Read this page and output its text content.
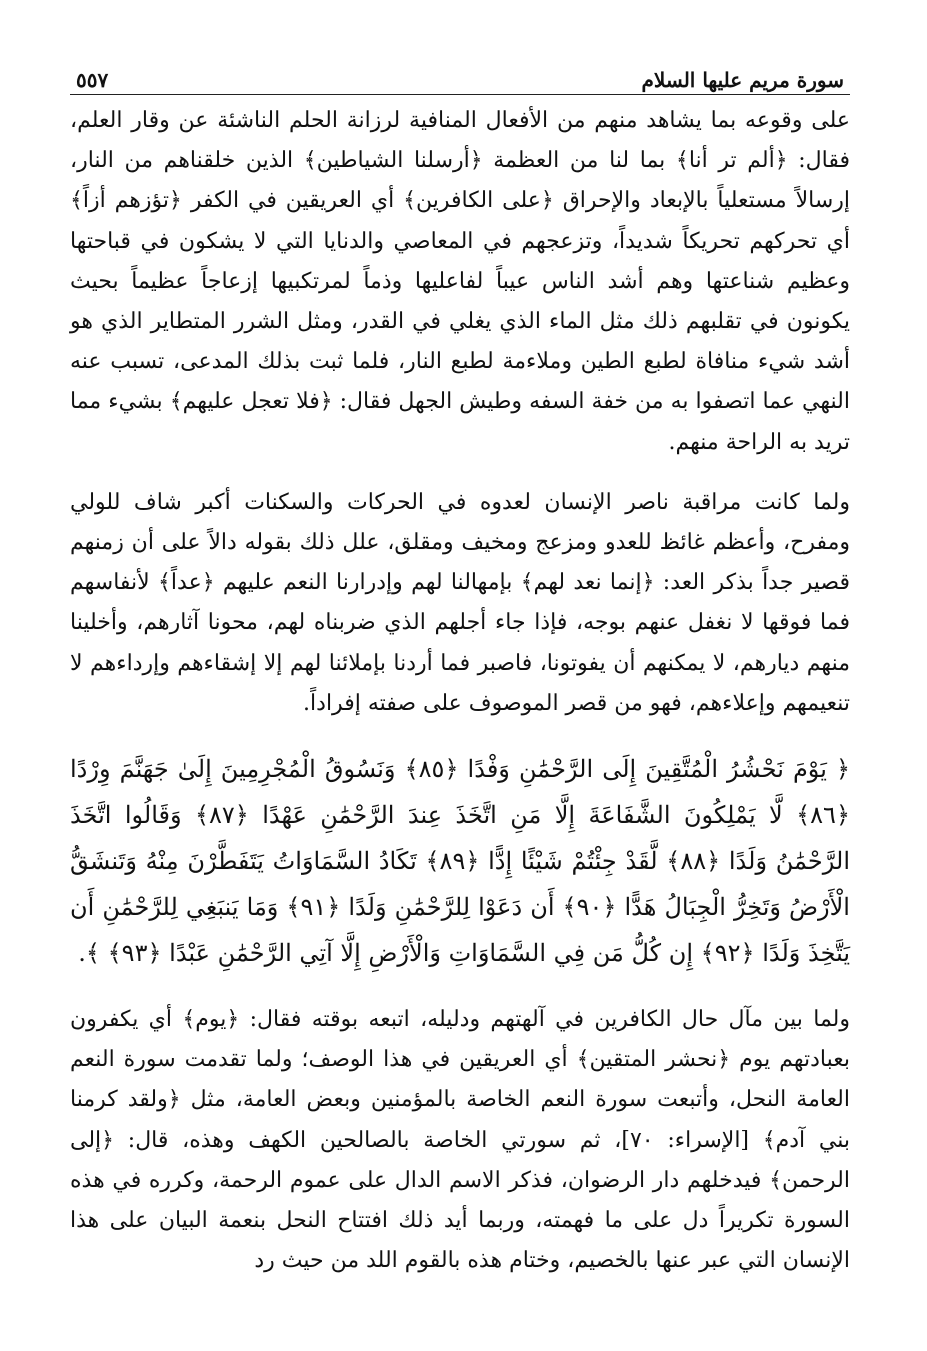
سورة مريم عليها السلام
٥٥٧

على وقوعه بما يشاهد منهم من الأفعال المنافية لرزانة الحلم الناشئة عن وقار العلم، فقال: ﴿ألم تر أنا﴾ بما لنا من العظمة ﴿أرسلنا الشياطين﴾ الذين خلقناهم من النار، إرسالاً مستعلياً بالإبعاد والإحراق ﴿على الكافرين﴾ أي العريقين في الكفر ﴿تؤزهم أزاً﴾ أي تحركهم تحريكاً شديداً، وتزعجهم في المعاصي والدنايا التي لا يشكون في قباحتها وعظيم شناعتها وهم أشد الناس عيباً لفاعليها وذماً لمرتكبيها إزعاجاً عظيماً بحيث يكونون في تقلبهم ذلك مثل الماء الذي يغلي في القدر، ومثل الشرر المتطاير الذي هو أشد شيء منافاة لطبع الطين وملاءمة لطبع النار، فلما ثبت بذلك المدعى، تسبب عنه النهي عما اتصفوا به من خفة السفه وطيش الجهل فقال: ﴿فلا تعجل عليهم﴾ بشيء مما تريد به الراحة منهم.

ولما كانت مراقبة ناصر الإنسان لعدوه في الحركات والسكنات أكبر شاف للولي ومفرح، وأعظم غائظ للعدو ومزعج ومخيف ومقلق، علل ذلك بقوله دالاً على أن زمنهم قصير جداً بذكر العد: ﴿إنما نعد لهم﴾ بإمهالنا لهم وإدرارنا النعم عليهم ﴿عداً﴾ لأنفاسهم فما فوقها لا نغفل عنهم بوجه، فإذا جاء أجلهم الذي ضربناه لهم، محونا آثارهم، وأخلينا منهم ديارهم، لا يمكنهم أن يفوتونا، فاصبر فما أردنا بإملائنا لهم إلا إشقاءهم وإرداءهم لا تنعيمهم وإعلاءهم، فهو من قصر الموصوف على صفته إفراداً.

﴿ يَوْمَ نَحْشُرُ الْمُتَّقِينَ إِلَى الرَّحْمَٰنِ وَفْدًا ﴿٨٥﴾ وَنَسُوقُ الْمُجْرِمِينَ إِلَىٰ جَهَنَّمَ وِرْدًا ﴿٨٦﴾ لَّا يَمْلِكُونَ الشَّفَاعَةَ إِلَّا مَنِ اتَّخَذَ عِندَ الرَّحْمَٰنِ عَهْدًا ﴿٨٧﴾ وَقَالُوا اتَّخَذَ الرَّحْمَٰنُ وَلَدًا ﴿٨٨﴾ لَّقَدْ جِئْتُمْ شَيْئًا إِدًّا ﴿٨٩﴾ تَكَادُ السَّمَاوَاتُ يَتَفَطَّرْنَ مِنْهُ وَتَنشَقُّ الْأَرْضُ وَتَخِرُّ الْجِبَالُ هَدًّا ﴿٩٠﴾ أَن دَعَوْا لِلرَّحْمَٰنِ وَلَدًا ﴿٩١﴾ وَمَا يَنبَغِي لِلرَّحْمَٰنِ أَن يَتَّخِذَ وَلَدًا ﴿٩٢﴾ إِن كُلُّ مَن فِي السَّمَاوَاتِ وَالْأَرْضِ إِلَّا آتِي الرَّحْمَٰنِ عَبْدًا ﴿٩٣﴾ ﴾.

ولما بين مآل حال الكافرين في آلهتهم ودليله، اتبعه بوقته فقال: ﴿يوم﴾ أي يكفرون بعبادتهم يوم ﴿نحشر المتقين﴾ أي العريقين في هذا الوصف؛ ولما تقدمت سورة النعم العامة النحل، وأتبعت سورة النعم الخاصة بالمؤمنين وبعض العامة، مثل ﴿ولقد كرمنا بني آدم﴾ [الإسراء: ٧٠]، ثم سورتي الخاصة بالصالحين الكهف وهذه، قال: ﴿إلى الرحمن﴾ فيدخلهم دار الرضوان، فذكر الاسم الدال على عموم الرحمة، وكرره في هذه السورة تكريراً دل على ما فهمته، وربما أيد ذلك افتتاح النحل بنعمة البيان على هذا الإنسان التي عبر عنها بالخصيم، وختام هذه بالقوم اللد من حيث رد
